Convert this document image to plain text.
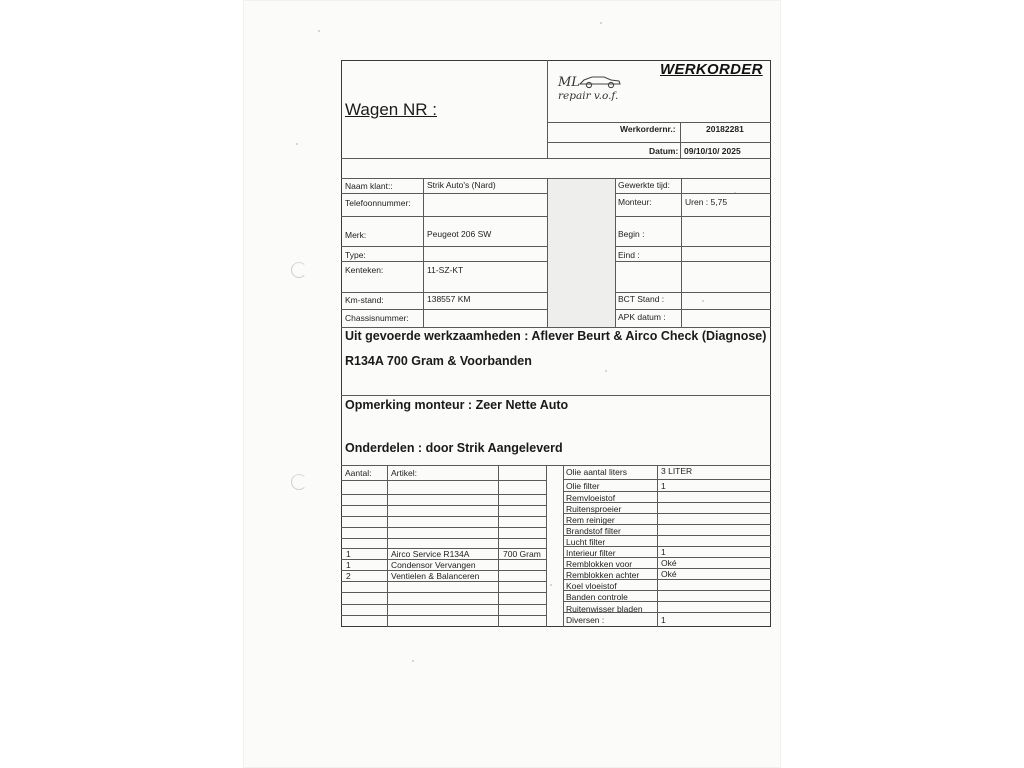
Wagen NR :
WERKORDER
ML
repair v.o.f.
Werkordernr.:	20182281
Datum: 09/10/10/ 2025
Naam klant::	Strik Auto's (Nard)
Telefoonnummer:
Merk:	Peugeot 206 SW
Type:
Kenteken:	11-SZ-KT
Km-stand:	138557 KM
Chassisnummer:
Gewerkte tijd:
Monteur:	Uren : 5,75
Begin :
Eind :
BCT Stand :
APK datum :
Uit gevoerde werkzaamheden : Aflever Beurt & Airco Check (Diagnose)
R134A 700 Gram & Voorbanden
Opmerking monteur : Zeer Nette Auto
Onderdelen : door Strik Aangeleverd
Aantal: Artikel:
1	Airco Service R134A	700 Gram
1	Condensor Vervangen
2	Ventielen & Balanceren
Olie aantal liters	3 LITER
Olie filter	1
Remvloeistof
Ruitensproeier
Rem reiniger
Brandstof filter
Lucht filter
Interieur filter	1
Remblokken voor	Oké
Remblokken achter	Oké
Koel vloeistof
Banden controle
Ruitenwisser bladen
Diversen :	1
